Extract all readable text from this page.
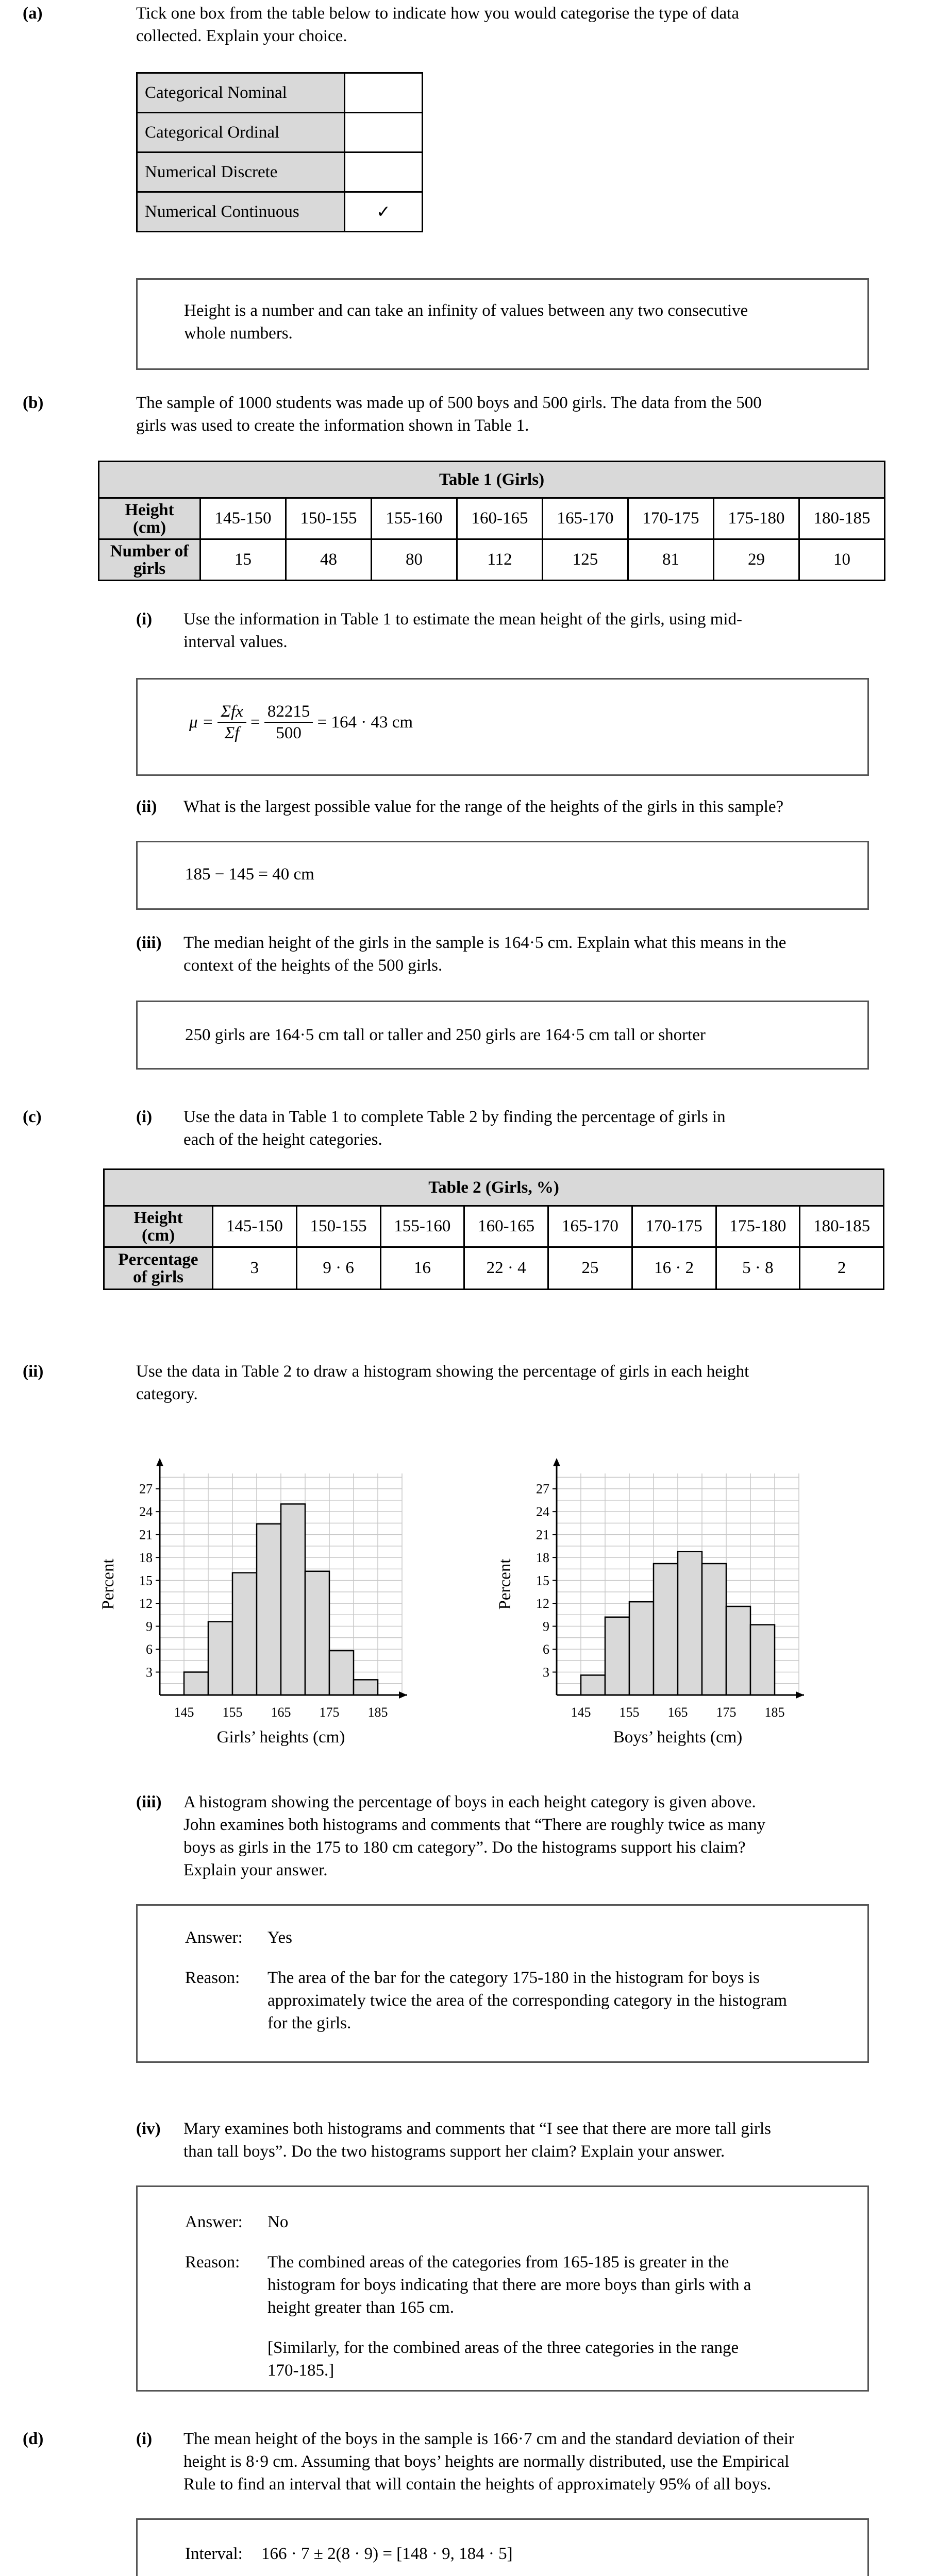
(a)	Tick one box from the table below to indicate how you would categorise the type of data
collected. Explain your choice.
Categorical Nominal	
Categorical Ordinal	
Numerical Discrete	
Numerical Continuous	✓
Height is a number and can take an infinity of values between any two consecutive
whole numbers.
(b)	The sample of 1000 students was made up of 500 boys and 500 girls. The data from the 500
girls was used to create the information shown in Table 1.
Table 1 (Girls)								
Height
(cm)	145-150	150-155	155-160	160-165	165-170	170-175	175-180	180-185
Number of
girls	15	48	80	112	125	81	29	10
(i) Use the information in Table 1 to estimate the mean height of the girls, using mid-
interval values.
$\mu = \frac{\text{Σfx}}{\Sigma f} = \frac{82215}{500} = 164 \cdot 43$ cm
(ii) What is the largest possible value for the range of the heights of the girls in this sample?
185 − 145 = 40 cm
(iii) The median height of the girls in the sample is 164·5 cm. Explain what this means in the
context of the heights of the 500 girls.
250 girls are 164·5 cm tall or taller and 250 girls are 164·5 cm tall or shorter
(c)	(i) Use the data in Table 1 to complete Table 2 by finding the percentage of girls in
each of the height categories.
Table 2 (Girls, %)								
Height
(cm)	145-150	150-155	155-160	160-165	165-170	170-175	175-180	180-185
Percentage
of girls	3	9 · 6	16	22 · 4	25	16 · 2	5 · 8	2
(ii)	Use the data in Table 2 to draw a histogram showing the percentage of girls in each height
category.
3
6
9
12
15
18
21
24
27
145 155 165 175 185
Girls’ heights (cm)
Percent
3
6
9
12
15
18
21
24
27
145 155 165 175 185
Boys’ heights (cm)
Percent
(iii) A histogram showing the percentage of boys in each height category is given above.
John examines both histograms and comments that “There are roughly twice as many
boys as girls in the 175 to 180 cm category”. Do the histograms support his claim?
Explain your answer.
Answer: Yes
Reason: The area of the bar for the category 175-180 in the histogram for boys is
approximately twice the area of the corresponding category in the histogram
for the girls.
(iv) Mary examines both histograms and comments that “I see that there are more tall girls
than tall boys”. Do the two histograms support her claim? Explain your answer.
Answer: No
Reason: The combined areas of the categories from 165-185 is greater in the
histogram for boys indicating that there are more boys than girls with a
height greater than 165 cm.
[Similarly, for the combined areas of the three categories in the range
170-185.]
(d)	(i) The mean height of the boys in the sample is 166·7 cm and the standard deviation of their
height is 8·9 cm. Assuming that boys’ heights are normally distributed, use the Empirical
Rule to find an interval that will contain the heights of approximately 95% of all boys.
Interval: 166 · 7 ± 2(8 · 9) = [148 · 9, 184 · 5]
